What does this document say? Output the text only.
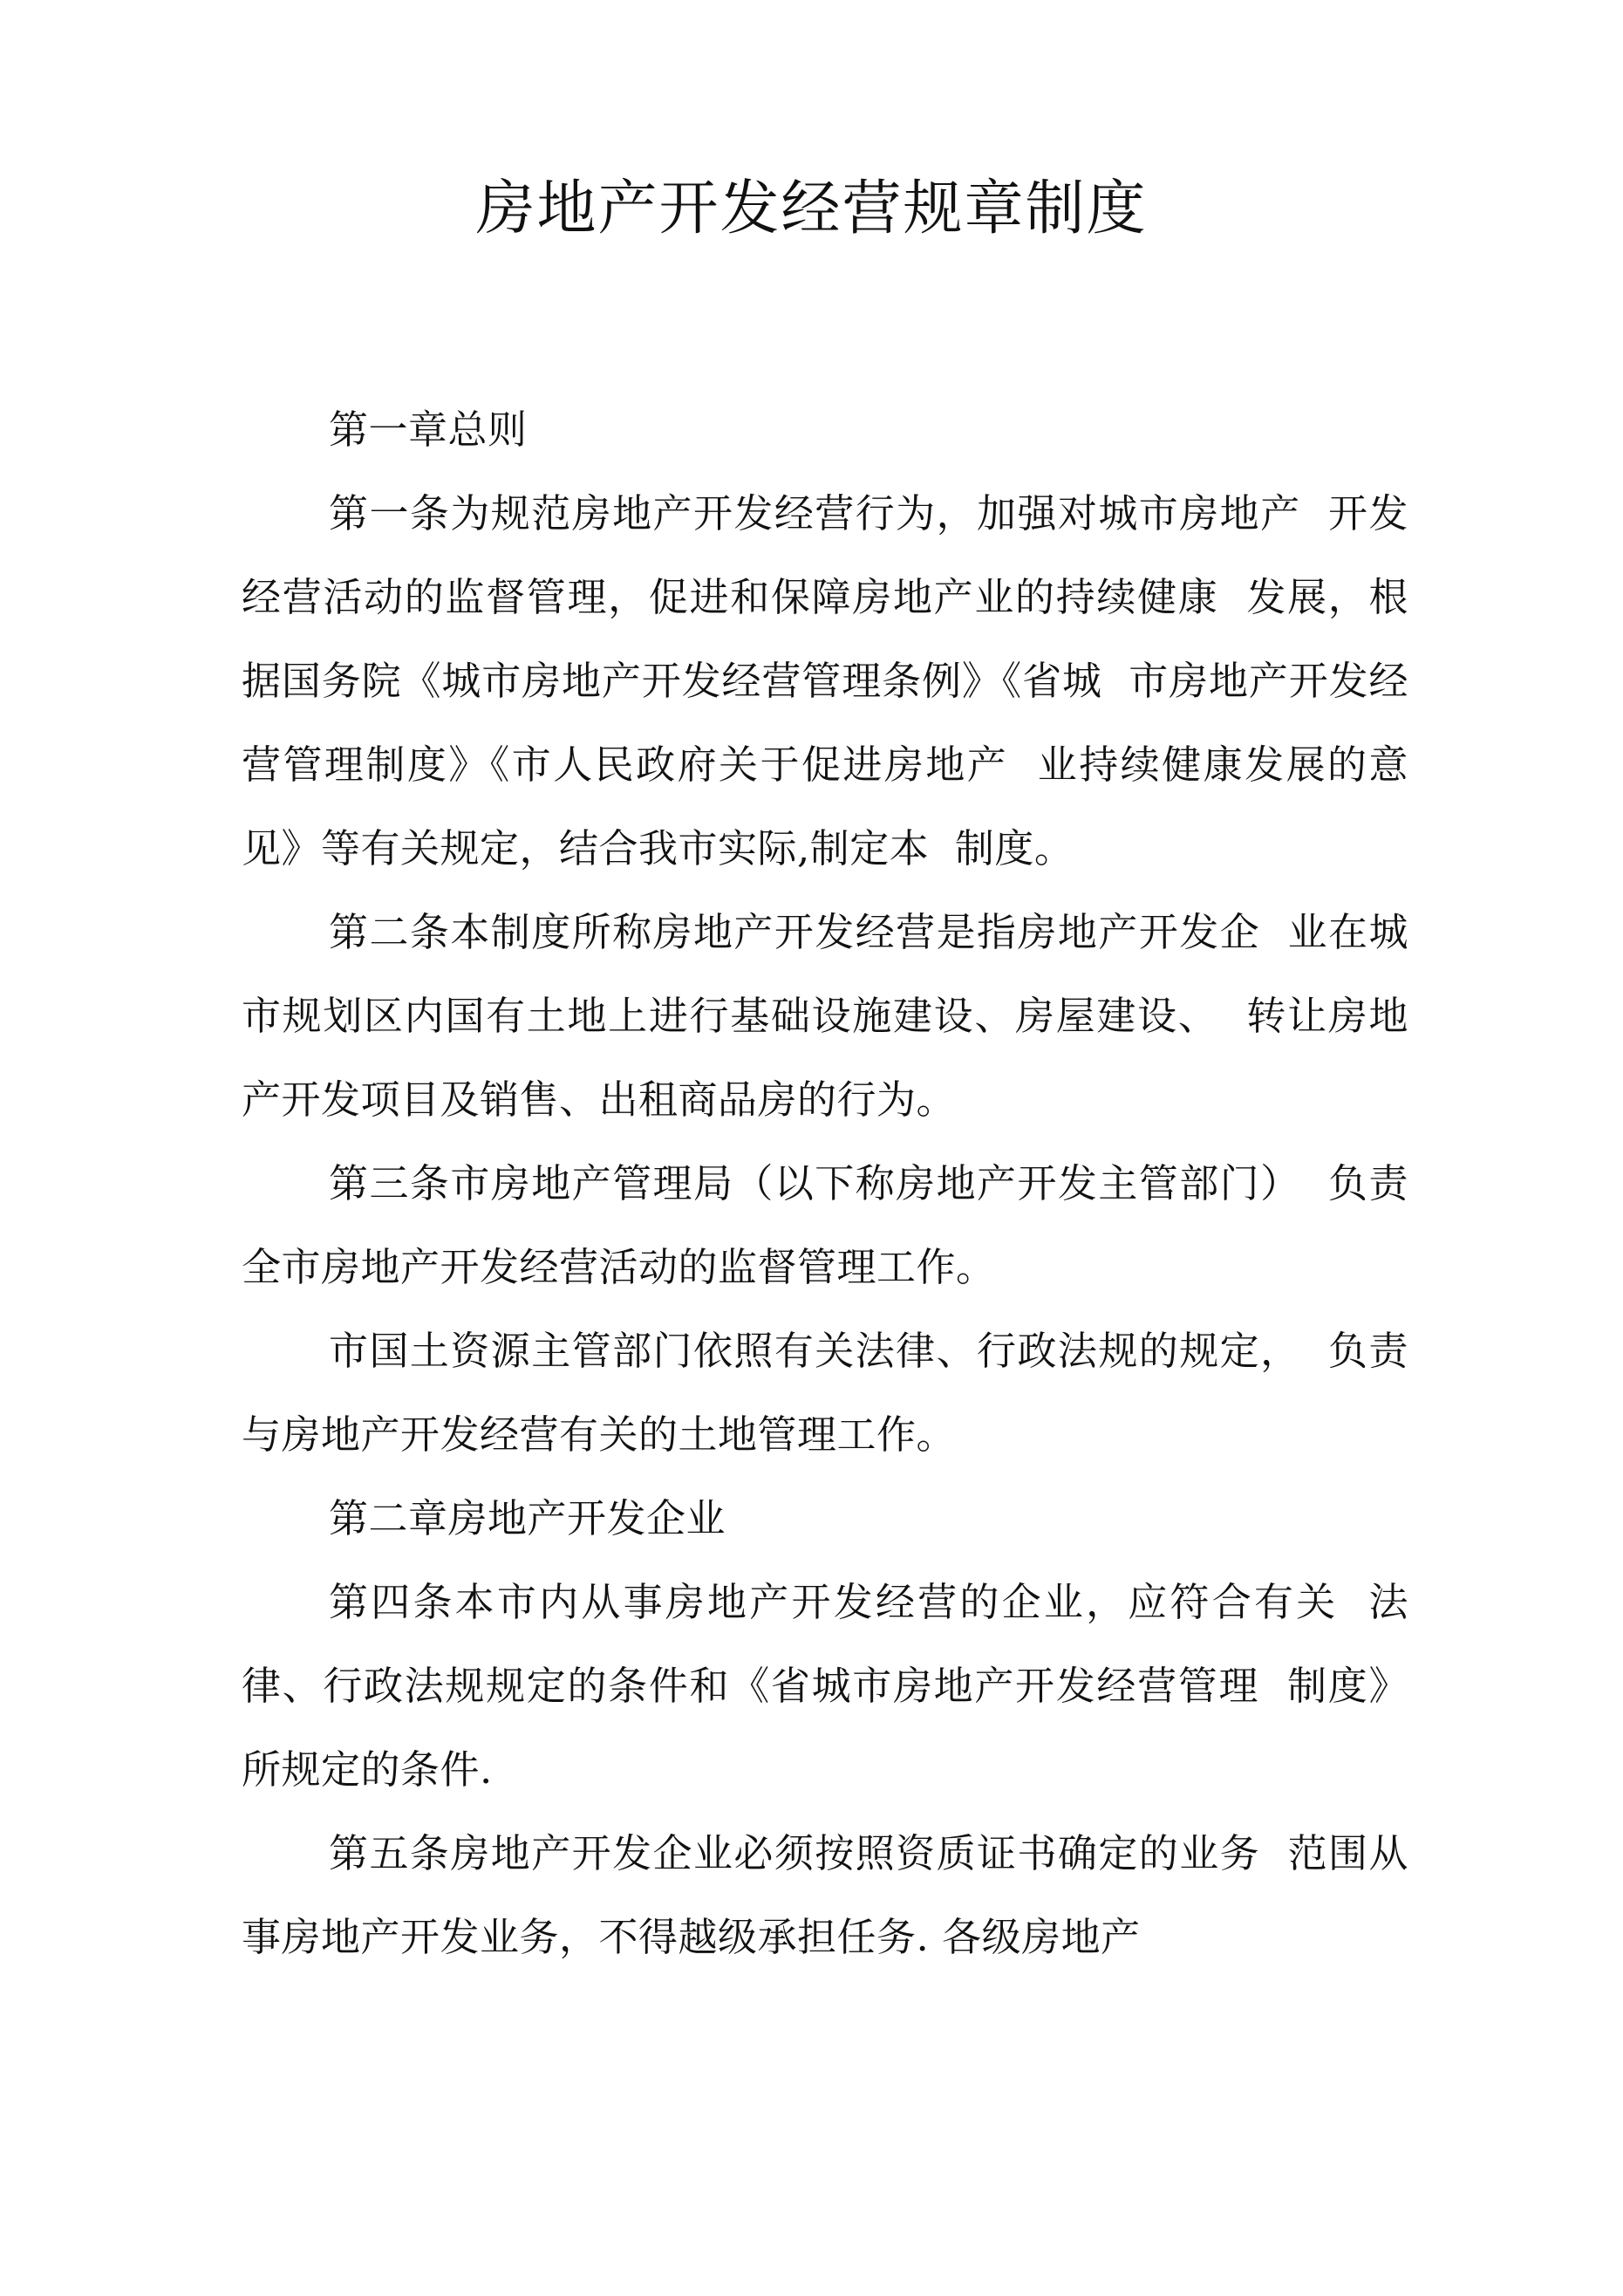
房地产开发经营规章制度

第一章总则

第一条为规范房地产开发经营行为，加强对城市房地产  开发经营活动的监督管理，促进和保障房地产业的持续健康  发展，根据国务院《城市房地产开发经营管理条例》《省城  市房地产开发经营管理制度》《市人民政府关于促进房地产  业持续健康发展的意见》等有关规定，结合我市实际,制定本  制度。

第二条本制度所称房地产开发经营是指房地产开发企  业在城市规划区内国有土地上进行基础设施建设、房屋建设、  转让房地产开发项目及销售、出租商品房的行为。

第三条市房地产管理局（以下称房地产开发主管部门）  负责全市房地产开发经营活动的监督管理工作。

市国土资源主管部门依照有关法律、行政法规的规定，  负责与房地产开发经营有关的土地管理工作。

第二章房地产开发企业

第四条本市内从事房地产开发经营的企业，应符合有关  法律、行政法规规定的条件和《省城市房地产开发经营管理  制度》所规定的条件.

第五条房地产开发企业必须按照资质证书确定的业务  范围从事房地产开发业务，不得越级承担任务. 各级房地产
